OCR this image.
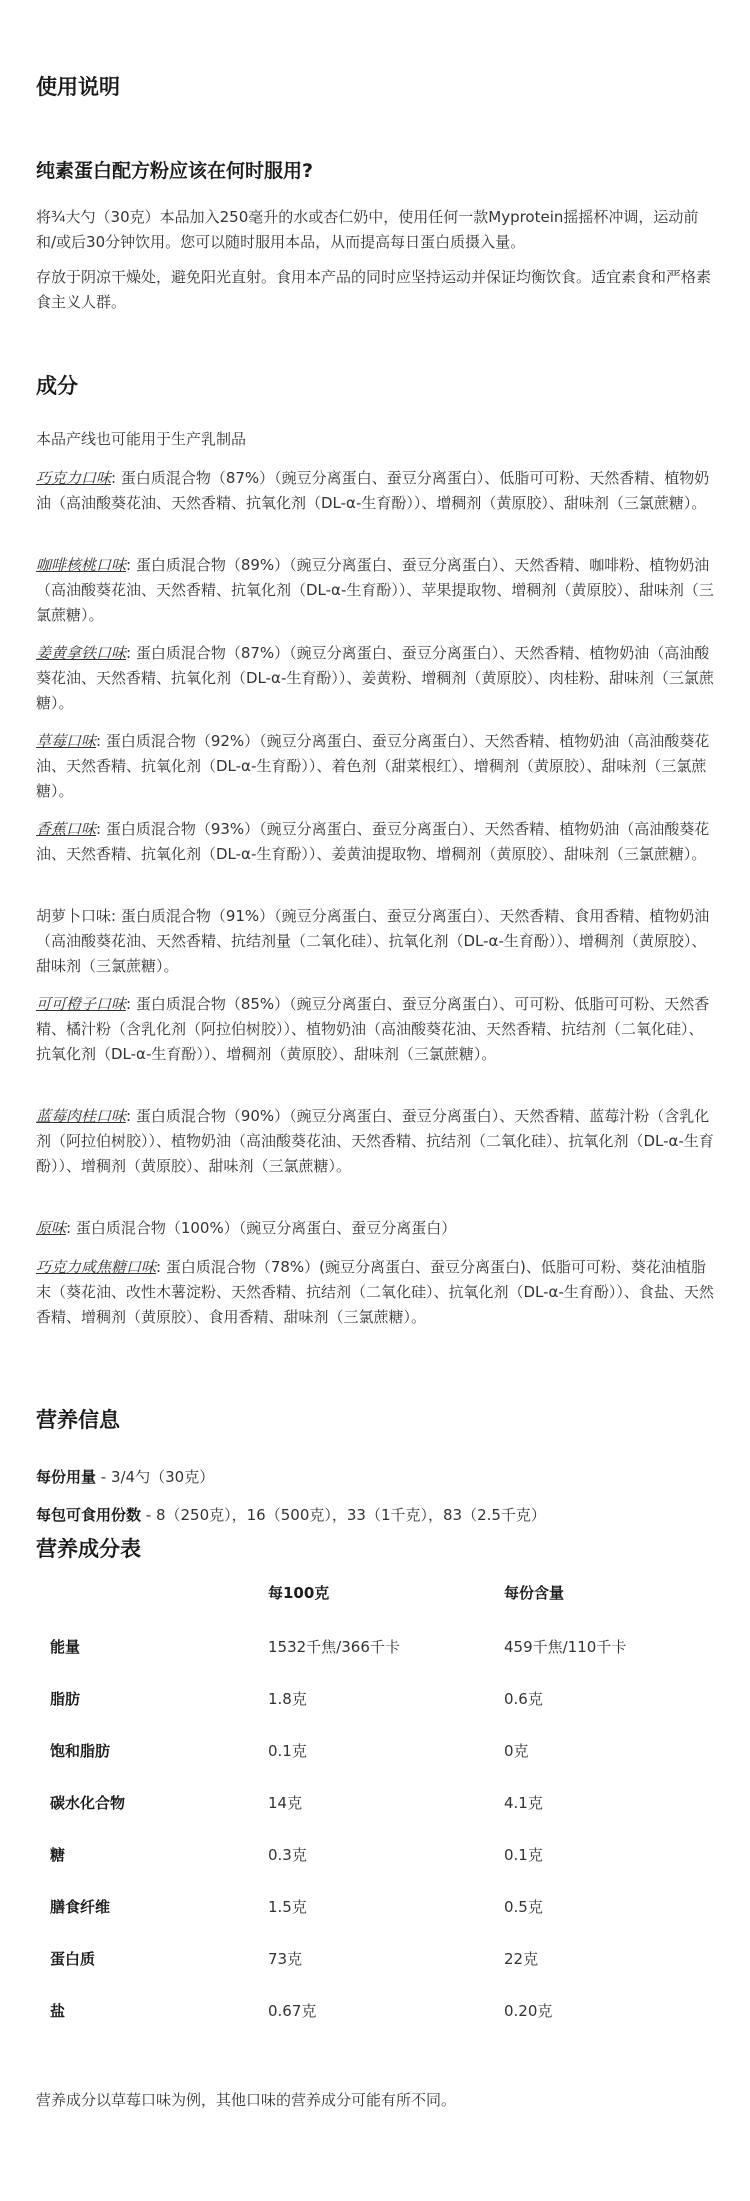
使用说明
纯素蛋白配方粉应该在何时服用?

将¾大勺（30克）本品加入250毫升的水或杏仁奶中，使用任何一款Myprotein摇摇杯冲调，运动前和/或后30分钟饮用。您可以随时服用本品，从而提高每日蛋白质摄入量。

存放于阴凉干燥处，避免阳光直射。食用本产品的同时应坚持运动并保证均衡饮食。适宜素食和严格素食主义人群。

成分

本品产线也可能用于生产乳制品

巧克力口味: 蛋白质混合物（87%）（豌豆分离蛋白、蚕豆分离蛋白）、低脂可可粉、天然香精、植物奶油（高油酸葵花油、天然香精、抗氧化剂（DL-α-生育酚））、增稠剂（黄原胶）、甜味剂（三氯蔗糖）。
咖啡核桃口味: 蛋白质混合物（89%）（豌豆分离蛋白、蚕豆分离蛋白）、天然香精、咖啡粉、植物奶油（高油酸葵花油、天然香精、抗氧化剂（DL-α-生育酚））、苹果提取物、增稠剂（黄原胶）、甜味剂（三氯蔗糖）。
姜黄拿铁口味: 蛋白质混合物（87%）（豌豆分离蛋白、蚕豆分离蛋白）、天然香精、植物奶油（高油酸葵花油、天然香精、抗氧化剂（DL-α-生育酚））、姜黄粉、增稠剂（黄原胶）、肉桂粉、甜味剂（三氯蔗糖）。
草莓口味: 蛋白质混合物（92%）（豌豆分离蛋白、蚕豆分离蛋白）、天然香精、植物奶油（高油酸葵花油、天然香精、抗氧化剂（DL-α-生育酚））、着色剂（甜菜根红）、增稠剂（黄原胶）、甜味剂（三氯蔗糖）。
香蕉口味: 蛋白质混合物（93%）（豌豆分离蛋白、蚕豆分离蛋白）、天然香精、植物奶油（高油酸葵花油、天然香精、抗氧化剂（DL-α-生育酚））、姜黄油提取物、增稠剂（黄原胶）、甜味剂（三氯蔗糖）。
胡萝卜口味: 蛋白质混合物（91%）（豌豆分离蛋白、蚕豆分离蛋白）、天然香精、食用香精、植物奶油（高油酸葵花油、天然香精、抗结剂量（二氧化硅）、抗氧化剂（DL-α-生育酚））、增稠剂（黄原胶）、甜味剂（三氯蔗糖）。
可可橙子口味: 蛋白质混合物（85%）（豌豆分离蛋白、蚕豆分离蛋白）、可可粉、低脂可可粉、天然香精、橘汁粉（含乳化剂（阿拉伯树胶））、植物奶油（高油酸葵花油、天然香精、抗结剂（二氧化硅）、抗氧化剂（DL-α-生育酚））、增稠剂（黄原胶）、甜味剂（三氯蔗糖）。
蓝莓肉桂口味: 蛋白质混合物（90%）（豌豆分离蛋白、蚕豆分离蛋白）、天然香精、蓝莓汁粉（含乳化剂（阿拉伯树胶））、植物奶油（高油酸葵花油、天然香精、抗结剂（二氧化硅）、抗氧化剂（DL-α-生育酚））、增稠剂（黄原胶）、甜味剂（三氯蔗糖）。
原味: 蛋白质混合物（100%）（豌豆分离蛋白、蚕豆分离蛋白）
巧克力咸焦糖口味: 蛋白质混合物（78%）(豌豆分离蛋白、蚕豆分离蛋白)、低脂可可粉、葵花油植脂末（葵花油、改性木薯淀粉、天然香精、抗结剂（二氧化硅）、抗氧化剂（DL-α-生育酚））、食盐、天然香精、增稠剂（黄原胶）、食用香精、甜味剂（三氯蔗糖）。
营养信息
每份用量 - 3/4勺（30克）
每包可食用份数 - 8（250克），16（500克），33（1千克），83（2.5千克）
营养成分表
	每100克	每份含量
能量	1532千焦/366千卡	459千焦/110千卡
脂肪	1.8克	0.6克
饱和脂肪	0.1克	0克
碳水化合物	14克	4.1克
糖	0.3克	0.1克
膳食纤维	1.5克	0.5克
蛋白质	73克	22克
盐	0.67克	0.20克

营养成分以草莓口味为例，其他口味的营养成分可能有所不同。
